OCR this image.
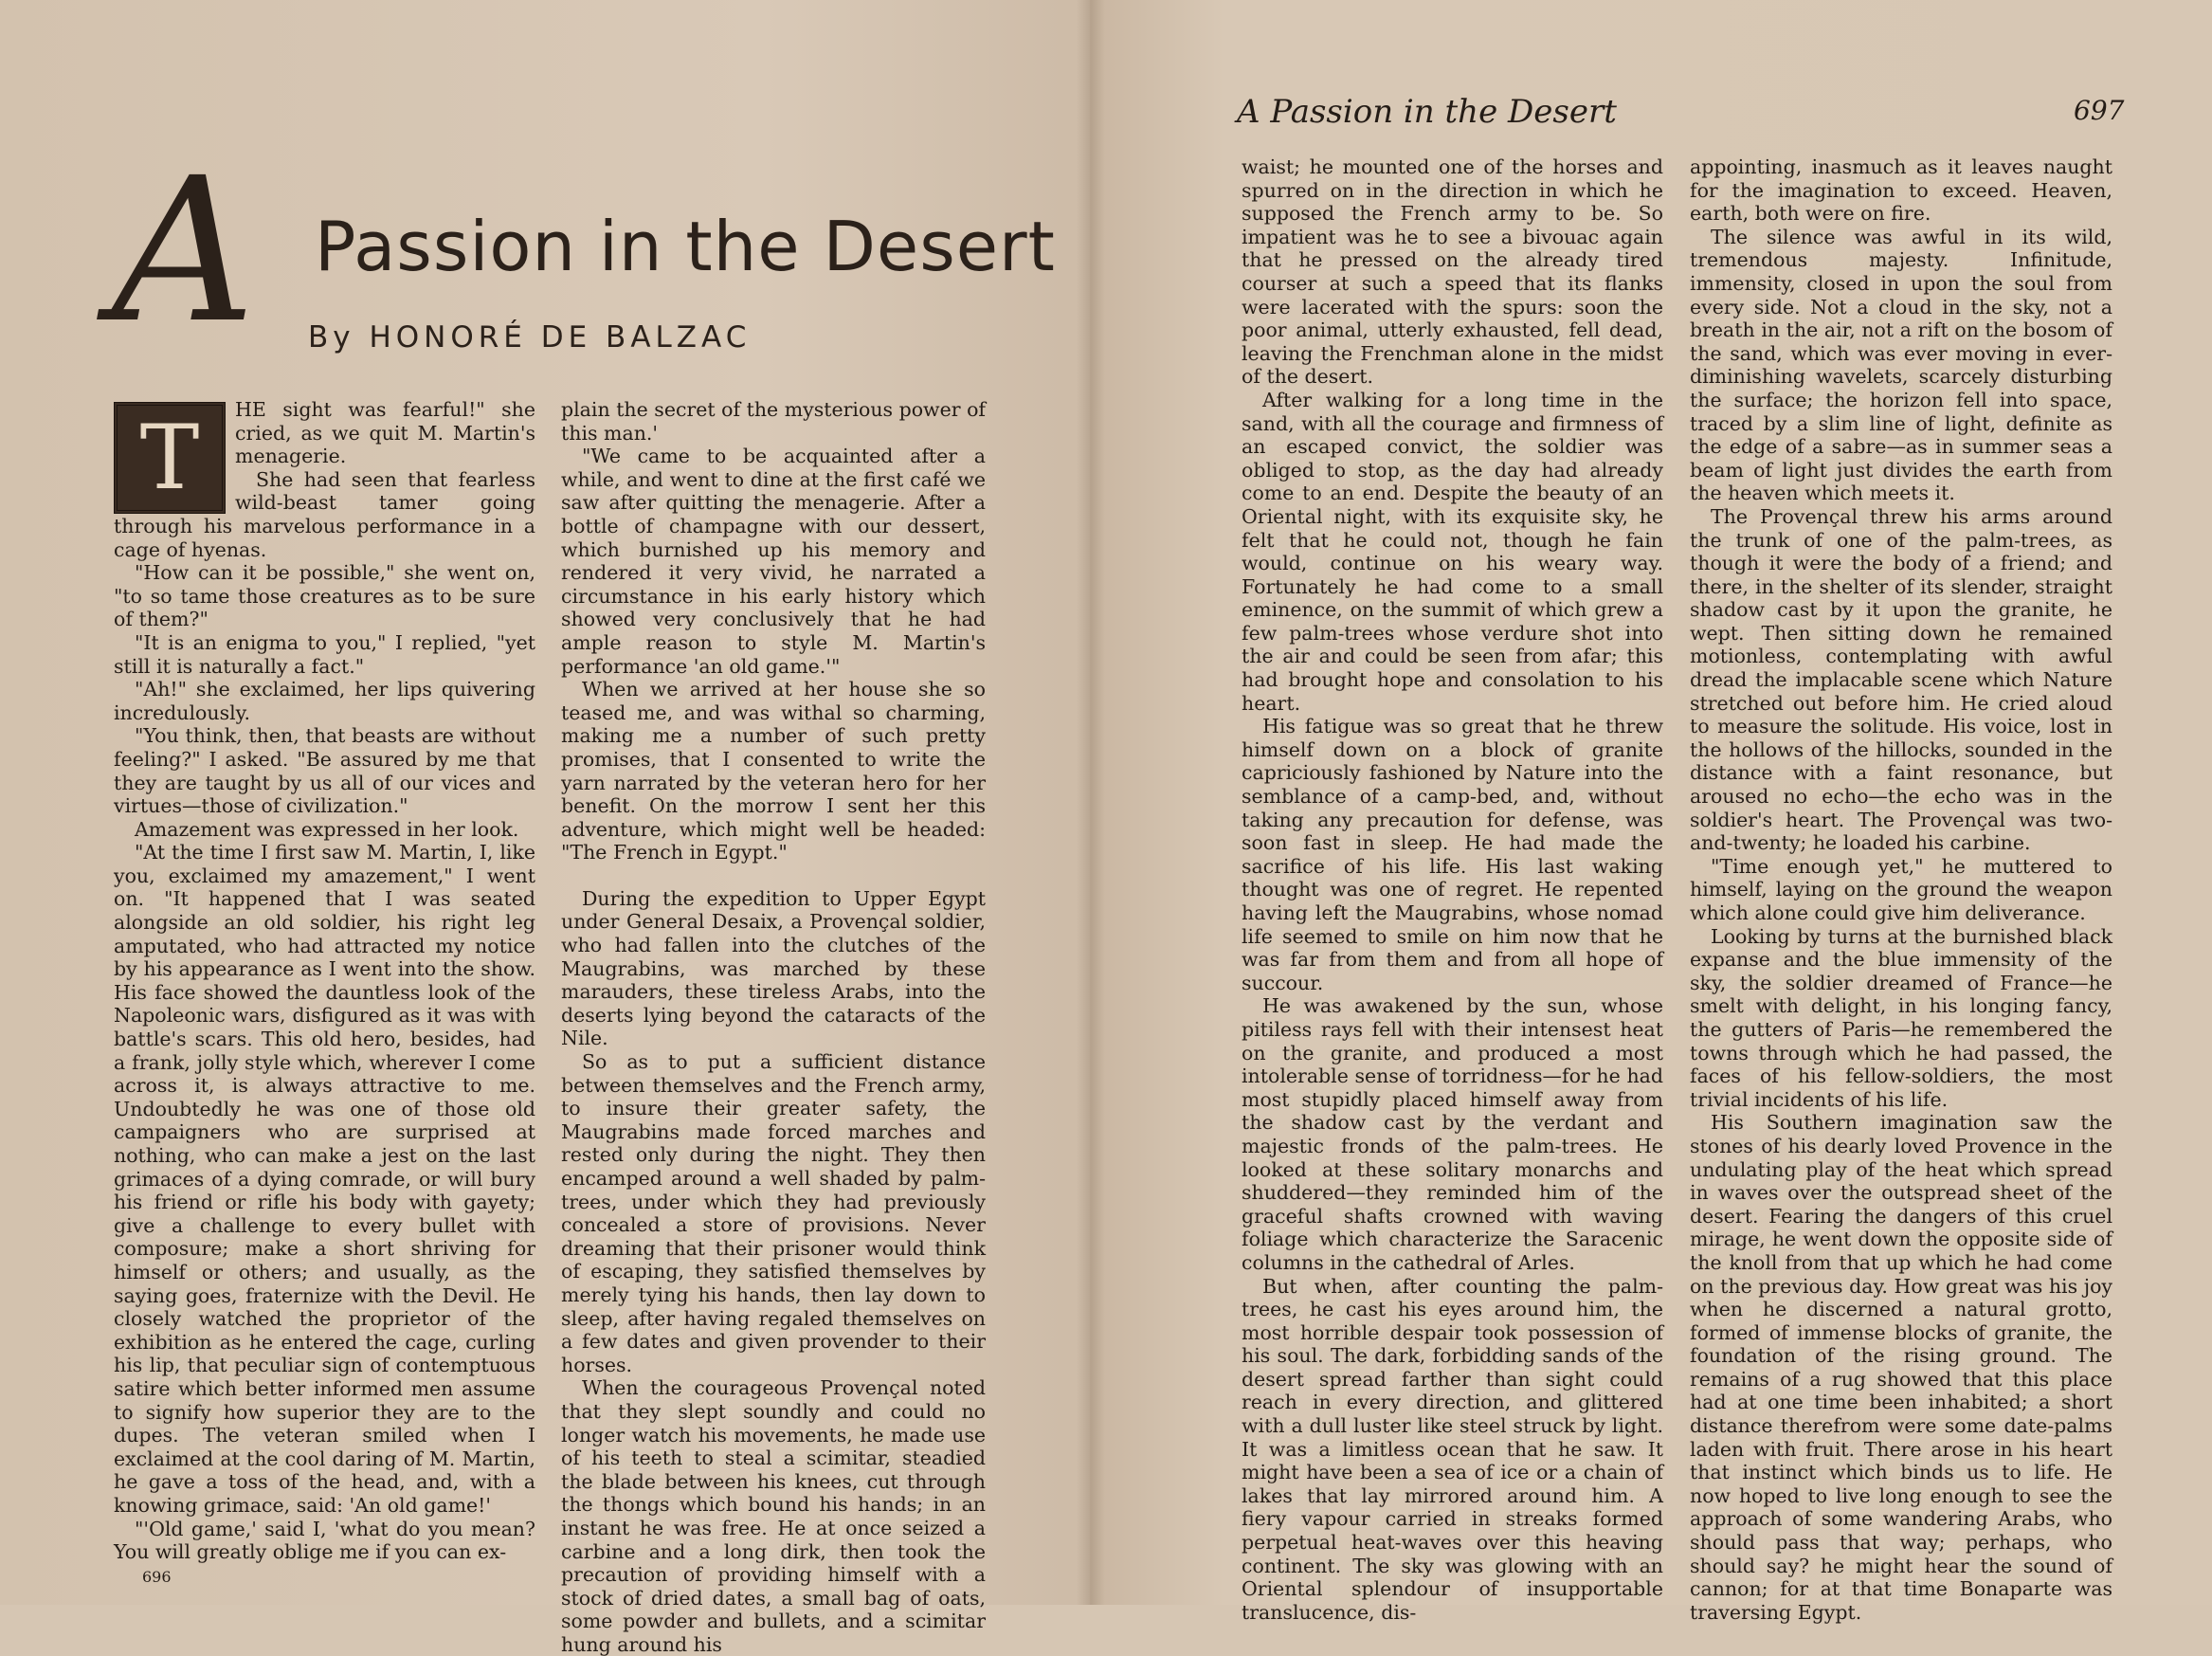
A Passion in the Desert
By HONORÉ DE BALZAC
T	HE sight was fearful!" she cried, as we quit M. Martin's menagerie.

She had seen that fearless wild-beast tamer going through his marvelous performance in a cage of hyenas.

"How can it be possible," she went on, "to so tame those creatures as to be sure of them?"

"It is an enigma to you," I replied, "yet still it is naturally a fact."

"Ah!" she exclaimed, her lips quivering incredulously.

"You think, then, that beasts are without feeling?" I asked. "Be assured by me that they are taught by us all of our vices and virtues—those of civilization."

Amazement was expressed in her look.

"At the time I first saw M. Martin, I, like you, exclaimed my amazement," I went on. "It happened that I was seated alongside an old soldier, his right leg amputated, who had attracted my notice by his appearance as I went into the show. His face showed the dauntless look of the Napoleonic wars, disfigured as it was with battle's scars. This old hero, besides, had a frank, jolly style which, wherever I come across it, is always attractive to me. Undoubtedly he was one of those old campaigners who are surprised at nothing, who can make a jest on the last grimaces of a dying comrade, or will bury his friend or rifle his body with gayety; give a challenge to every bullet with composure; make a short shriving for himself or others; and usually, as the saying goes, fraternize with the Devil. He closely watched the proprietor of the exhibition as he entered the cage, curling his lip, that peculiar sign of contemptuous satire which better informed men assume to signify how superior they are to the dupes. The veteran smiled when I exclaimed at the cool daring of M. Martin, he gave a toss of the head, and, with a knowing grimace, said: 'An old game!'

"'Old game,' said I, 'what do you mean? You will greatly oblige me if you can ex-

plain the secret of the mysterious power of this man.'

"We came to be acquainted after a while, and went to dine at the first café we saw after quitting the menagerie. After a bottle of champagne with our dessert, which burnished up his memory and rendered it very vivid, he narrated a circumstance in his early history which showed very conclusively that he had ample reason to style M. Martin's performance 'an old game.'"

When we arrived at her house she so teased me, and was withal so charming, making me a number of such pretty promises, that I consented to write the yarn narrated by the veteran hero for her benefit. On the morrow I sent her this adventure, which might well be headed: "The French in Egypt."

During the expedition to Upper Egypt under General Desaix, a Provençal soldier, who had fallen into the clutches of the Maugrabins, was marched by these marauders, these tireless Arabs, into the deserts lying beyond the cataracts of the Nile.

So as to put a sufficient distance between themselves and the French army, to insure their greater safety, the Maugrabins made forced marches and rested only during the night. They then encamped around a well shaded by palm-trees, under which they had previously concealed a store of provisions. Never dreaming that their prisoner would think of escaping, they satisfied themselves by merely tying his hands, then lay down to sleep, after having regaled themselves on a few dates and given provender to their horses.

When the courageous Provençal noted that they slept soundly and could no longer watch his movements, he made use of his teeth to steal a scimitar, steadied the blade between his knees, cut through the thongs which bound his hands; in an instant he was free. He at once seized a carbine and a long dirk, then took the precaution of providing himself with a stock of dried dates, a small bag of oats, some powder and bullets, and a scimitar hung around his

waist; he mounted one of the horses and spurred on in the direction in which he supposed the French army to be. So impatient was he to see a bivouac again that he pressed on the already tired courser at such a speed that its flanks were lacerated with the spurs: soon the poor animal, utterly exhausted, fell dead, leaving the Frenchman alone in the midst of the desert.

After walking for a long time in the sand, with all the courage and firmness of an escaped convict, the soldier was obliged to stop, as the day had already come to an end. Despite the beauty of an Oriental night, with its exquisite sky, he felt that he could not, though he fain would, continue on his weary way. Fortunately he had come to a small eminence, on the summit of which grew a few palm-trees whose verdure shot into the air and could be seen from afar; this had brought hope and consolation to his heart.

His fatigue was so great that he threw himself down on a block of granite capriciously fashioned by Nature into the semblance of a camp-bed, and, without taking any precaution for defense, was soon fast in sleep. He had made the sacrifice of his life. His last waking thought was one of regret. He repented having left the Maugrabins, whose nomad life seemed to smile on him now that he was far from them and from all hope of succour.

He was awakened by the sun, whose pitiless rays fell with their intensest heat on the granite, and produced a most intolerable sense of torridness—for he had most stupidly placed himself away from the shadow cast by the verdant and majestic fronds of the palm-trees. He looked at these solitary monarchs and shuddered—they reminded him of the graceful shafts crowned with waving foliage which characterize the Saracenic columns in the cathedral of Arles.

But when, after counting the palm-trees, he cast his eyes around him, the most horrible despair took possession of his soul. The dark, forbidding sands of the desert spread farther than sight could reach in every direction, and glittered with a dull luster like steel struck by light. It was a limitless ocean that he saw. It might have been a sea of ice or a chain of lakes that lay mirrored around him. A fiery vapour carried in streaks formed perpetual heat-waves over this heaving continent. The sky was glowing with an Oriental splendour of insupportable translucence, dis-

appointing, inasmuch as it leaves naught for the imagination to exceed. Heaven, earth, both were on fire.

The silence was awful in its wild, tremendous majesty. Infinitude, immensity, closed in upon the soul from every side. Not a cloud in the sky, not a breath in the air, not a rift on the bosom of the sand, which was ever moving in ever-diminishing wavelets, scarcely disturbing the surface; the horizon fell into space, traced by a slim line of light, definite as the edge of a sabre—as in summer seas a beam of light just divides the earth from the heaven which meets it.

The Provençal threw his arms around the trunk of one of the palm-trees, as though it were the body of a friend; and there, in the shelter of its slender, straight shadow cast by it upon the granite, he wept. Then sitting down he remained motionless, contemplating with awful dread the implacable scene which Nature stretched out before him. He cried aloud to measure the solitude. His voice, lost in the hollows of the hillocks, sounded in the distance with a faint resonance, but aroused no echo—the echo was in the soldier's heart. The Provençal was two-and-twenty; he loaded his carbine.

"Time enough yet," he muttered to himself, laying on the ground the weapon which alone could give him deliverance.

Looking by turns at the burnished black expanse and the blue immensity of the sky, the soldier dreamed of France—he smelt with delight, in his longing fancy, the gutters of Paris—he remembered the towns through which he had passed, the faces of his fellow-soldiers, the most trivial incidents of his life.

His Southern imagination saw the stones of his dearly loved Provence in the undulating play of the heat which spread in waves over the outspread sheet of the desert. Fearing the dangers of this cruel mirage, he went down the opposite side of the knoll from that up which he had come on the previous day. How great was his joy when he discerned a natural grotto, formed of immense blocks of granite, the foundation of the rising ground. The remains of a rug showed that this place had at one time been inhabited; a short distance therefrom were some date-palms laden with fruit. There arose in his heart that instinct which binds us to life. He now hoped to live long enough to see the approach of some wandering Arabs, who should pass that way; perhaps, who should say? he might hear the sound of cannon; for at that time Bonaparte was traversing Egypt.

A Passion in the Desert
696
697
